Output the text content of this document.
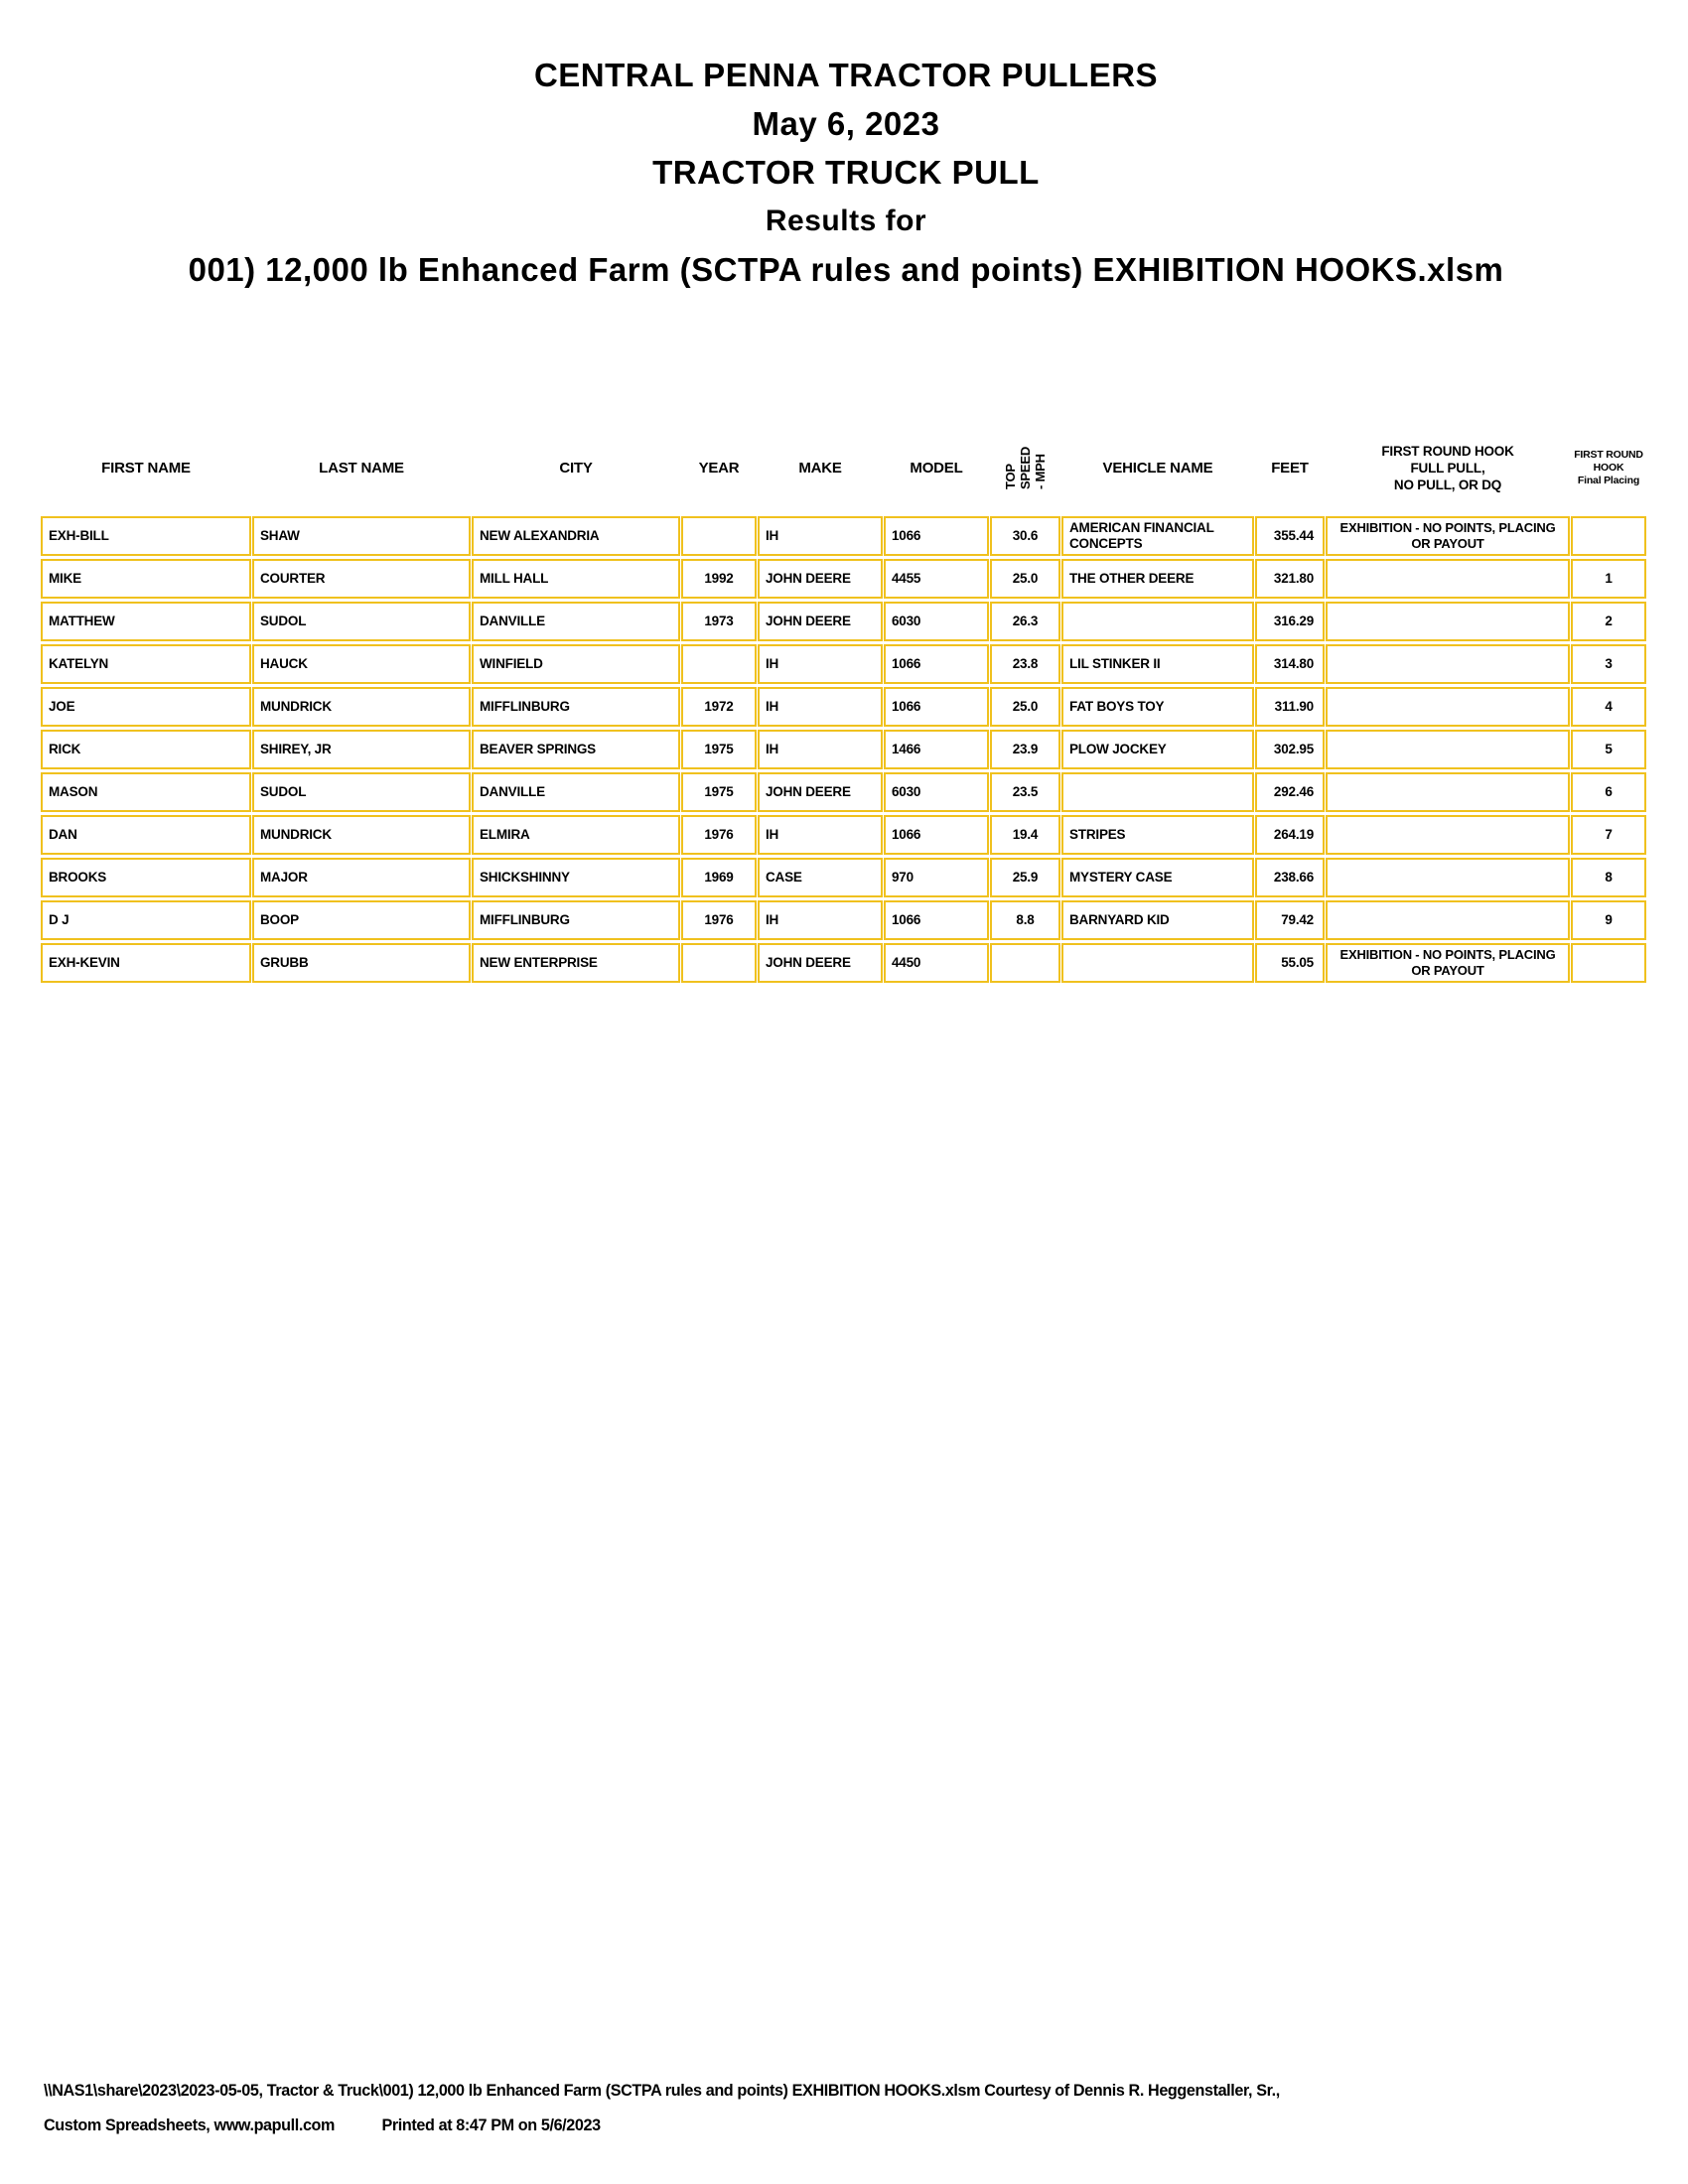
CENTRAL PENNA TRACTOR PULLERS
May 6, 2023
TRACTOR TRUCK PULL
Results for
001) 12,000 lb Enhanced Farm (SCTPA rules and points) EXHIBITION HOOKS.xlsm
FIRST NAME	LAST NAME	CITY	YEAR	MAKE	MODEL	TOP SPEED - MPH	VEHICLE NAME	FEET	FIRST ROUND HOOK
FULL PULL,
NO PULL, OR DQ	FIRST ROUND
HOOK
Final Placing

EXH-BILL	SHAW	NEW ALEXANDRIA		IH	1066	30.6	AMERICAN FINANCIAL CONCEPTS	355.44	EXHIBITION - NO POINTS, PLACING OR PAYOUT	
MIKE	COURTER	MILL HALL	1992	JOHN DEERE	4455	25.0	THE OTHER DEERE	321.80		1
MATTHEW	SUDOL	DANVILLE	1973	JOHN DEERE	6030	26.3		316.29		2
KATELYN	HAUCK	WINFIELD		IH	1066	23.8	LIL STINKER II	314.80		3
JOE	MUNDRICK	MIFFLINBURG	1972	IH	1066	25.0	FAT BOYS TOY	311.90		4
RICK	SHIREY, JR	BEAVER SPRINGS	1975	IH	1466	23.9	PLOW JOCKEY	302.95		5
MASON	SUDOL	DANVILLE	1975	JOHN DEERE	6030	23.5		292.46		6
DAN	MUNDRICK	ELMIRA	1976	IH	1066	19.4	STRIPES	264.19		7
BROOKS	MAJOR	SHICKSHINNY	1969	CASE	970	25.9	MYSTERY CASE	238.66		8
D J	BOOP	MIFFLINBURG	1976	IH	1066	8.8	BARNYARD KID	79.42		9
EXH-KEVIN	GRUBB	NEW ENTERPRISE		JOHN DEERE	4450			55.05	EXHIBITION - NO POINTS, PLACING OR PAYOUT	
\\NAS1\share\2023\2023-05-05, Tractor & Truck\001) 12,000 lb Enhanced Farm (SCTPA rules and points) EXHIBITION HOOKS.xlsm Courtesy of Dennis R. Heggenstaller, Sr.,
Custom Spreadsheets, www.papull.com	Printed at 8:47 PM on 5/6/2023
